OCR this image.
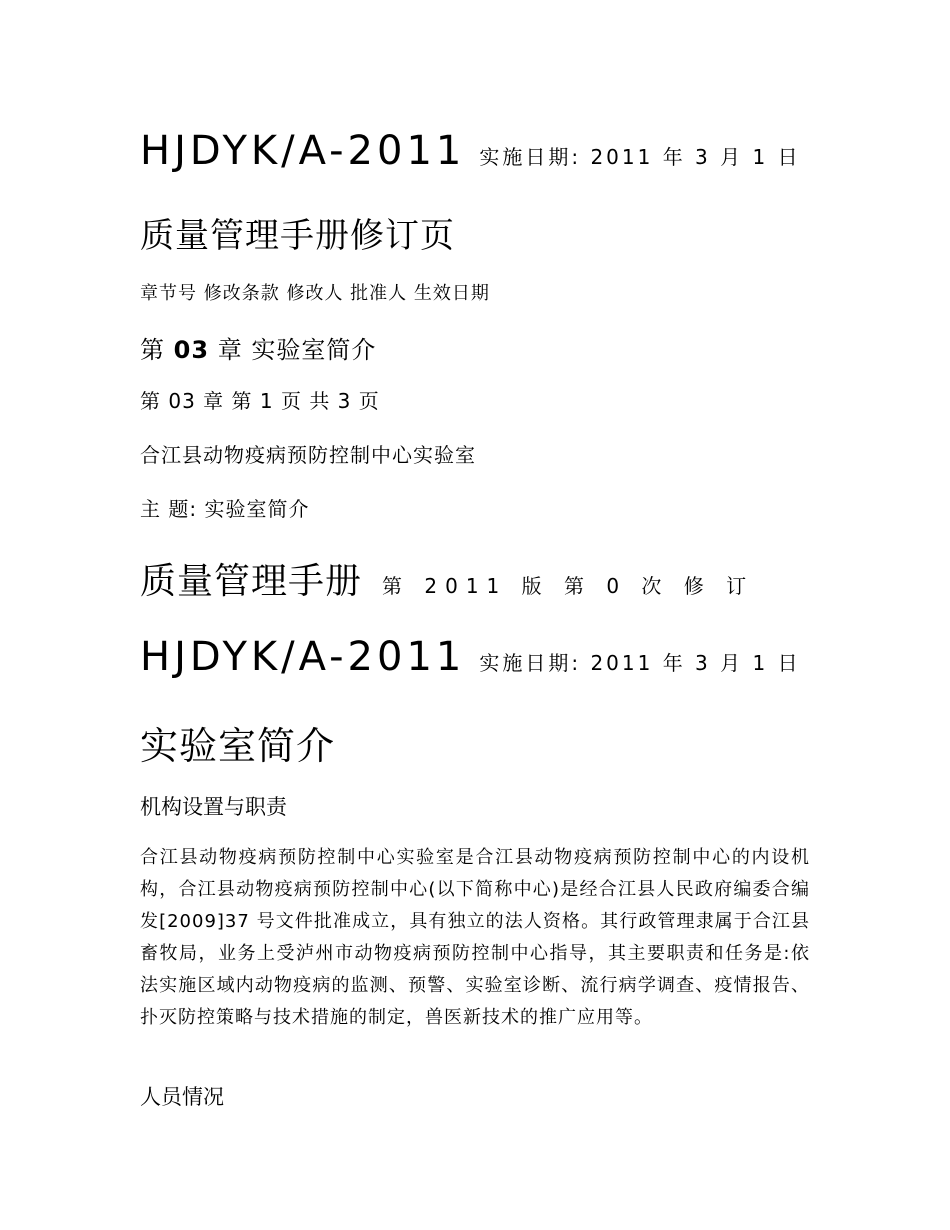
HJDYK/A-2011 实施日期: 2011 年 3 月 1 日
质量管理手册修订页
章节号 修改条款 修改人 批准人 生效日期
第 03 章 实验室简介
第 03 章 第 1 页 共 3 页
合江县动物疫病预防控制中心实验室
主 题: 实验室简介
质量管理手册 第 2011 版 第 0 次 修 订
HJDYK/A-2011 实施日期: 2011 年 3 月 1 日
实验室简介
机构设置与职责
合江县动物疫病预防控制中心实验室是合江县动物疫病预防控制中心的内设机构，合江县动物疫病预防控制中心(以下简称中心)是经合江县人民政府编委合编发[2009]37 号文件批准成立，具有独立的法人资格。其行政管理隶属于合江县畜牧局，业务上受泸州市动物疫病预防控制中心指导，其主要职责和任务是:依法实施区域内动物疫病的监测、预警、实验室诊断、流行病学调查、疫情报告、扑灭防控策略与技术措施的制定，兽医新技术的推广应用等。
人员情况
